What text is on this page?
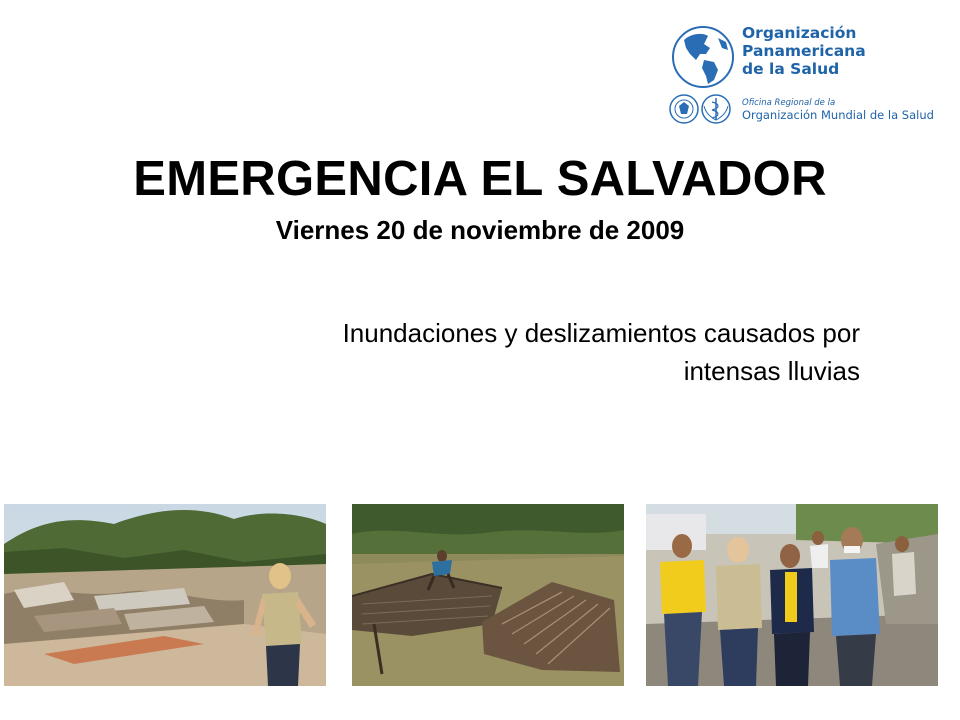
Organización
Panamericana
de la Salud
Oficina Regional de la
Organización Mundial de la Salud
EMERGENCIA EL SALVADOR
Viernes 20 de noviembre de 2009
Inundaciones y deslizamientos causados por
intensas lluvias
